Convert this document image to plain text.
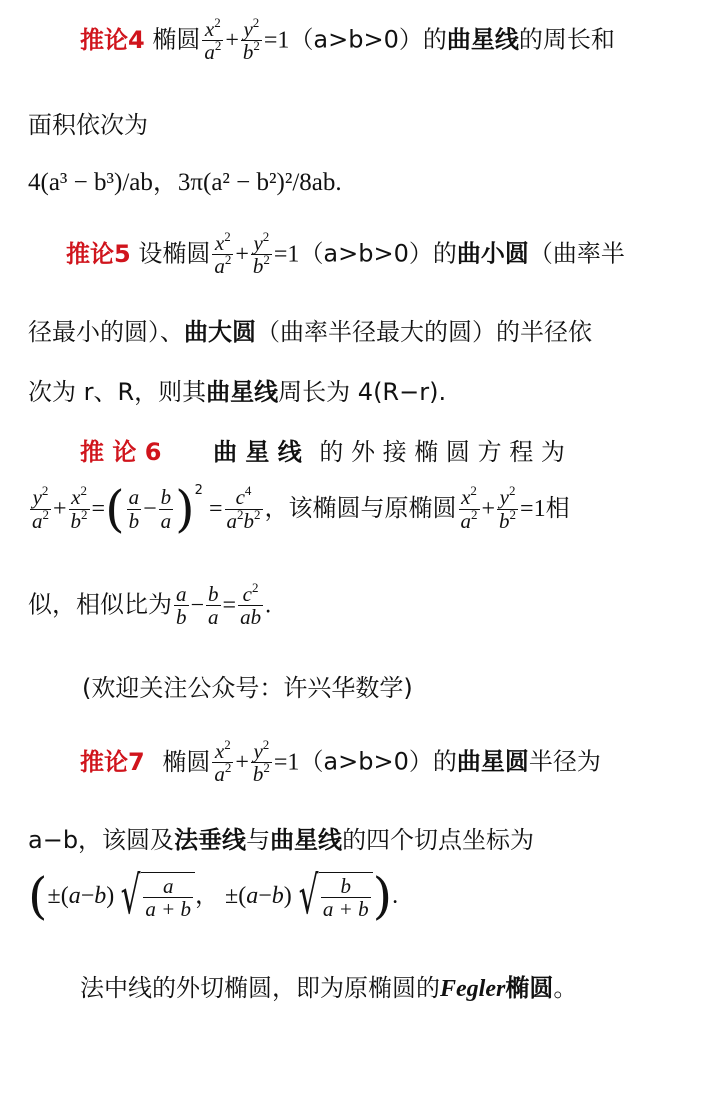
推论4 椭圆 $\frac{x^2}{a^2} + \frac{y^2}{b^2} =1(a>b>0)$的曲星线的周长和
面积依次为
4(a³ − b³)/ab，3π(a² − b²)²/8ab.
推论5 设椭圆 $\frac{x^2}{a^2} + \frac{y^2}{b^2} =1(a>b>0)$的曲小圆（曲率半
径最小的圆）、曲大圆（曲率半径最大的圆）的半径依
次为 r、R，则其曲星线周长为 4(R−r).
推 论 6 曲 星 线 的 外 接 椭 圆 方 程 为
$\frac{y^2}{a^2} + \frac{x^2}{b^2}$ =( $\frac{a}{b} - \frac{b}{a} )^2 = \frac{c^4}{a^2b^2}$ ，该椭圆与原椭圆 $\frac{x^2}{a^2} + \frac{y^2}{b^2} =1$相
似，相似比为 $\frac{a}{b} - \frac{b}{a} = \frac{c^2}{ab}$ .
(欢迎关注公众号：许兴华数学)
推论7 椭圆 $\frac{x^2}{a^2} + \frac{y^2}{b^2} =1(a>b>0)$的曲星圆半径为
a−b，该圆及法垂线与曲星线的四个切点坐标为
(±(a−b) √ $\frac{a}{a + b}$ ， ±(a−b) √ $\frac{b}{a + b}$ ).
法中线的外切椭圆，即为原椭圆的Fegler椭圆。
